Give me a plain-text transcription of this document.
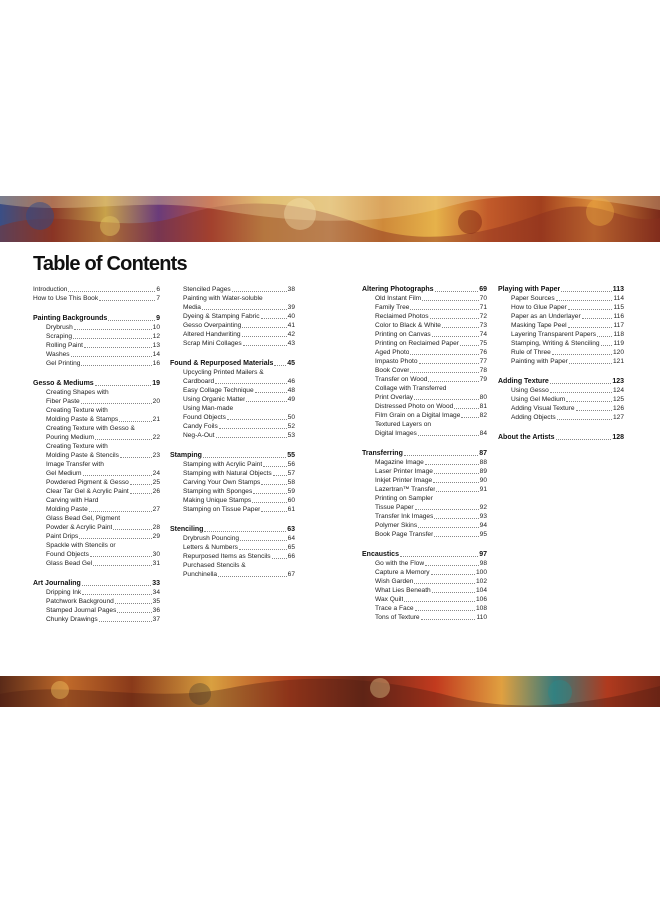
Table of Contents
Introduction	6
How to Use This Book	7
Painting Backgrounds	9
Drybrush	10
Scraping	12
Rolling Paint	13
Washes	14
Gel Printing	16
Gesso & Mediums	19
Creating Shapes with
Fiber Paste	20
Creating Texture with
Molding Paste & Stamps	21
Creating Texture with Gesso &
Pouring Medium	22
Creating Texture with
Molding Paste & Stencils	23
Image Transfer with
Gel Medium	24
Powdered Pigment & Gesso	25
Clear Tar Gel & Acrylic Paint	26
Carving with Hard
Molding Paste	27
Glass Bead Gel, Pigment
Powder & Acrylic Paint	28
Paint Drips	29
Spackle with Stencils or
Found Objects	30
Glass Bead Gel	31
Art Journaling	33
Dripping Ink	34
Patchwork Background	35
Stamped Journal Pages	36
Chunky Drawings	37
Stenciled Pages	38
Painting with Water-soluble
Media	39
Dyeing & Stamping Fabric	40
Gesso Overpainting	41
Altered Handwriting	42
Scrap Mini Collages	43
Found & Repurposed Materials 45
Upcycling Printed Mailers &
Cardboard	46
Easy Collage Technique	48
Using Organic Matter	49
Using Man-made
Found Objects	50
Candy Foils	52
Neg-A-Out	53
Stamping	55
Stamping with Acrylic Paint	56
Stamping with Natural Objects 57
Carving Your Own Stamps	58
Stamping with Sponges	59
Making Unique Stamps	60
Stamping on Tissue Paper	61
Stenciling	63
Drybrush Pouncing	64
Letters & Numbers	65
Repurposed Items as Stencils	66
Purchased Stencils &
Punchinella	67
Altering Photographs	69
Old Instant Film	70
Family Tree	71
Reclaimed Photos	72
Color to Black & White	73
Printing on Canvas	74
Printing on Reclaimed Paper	75
Aged Photo	76
Impasto Photo	77
Book Cover	78
Transfer on Wood	79
Collage with Transferred
Print Overlay	80
Distressed Photo on Wood	81
Film Grain on a Digital Image	82
Textured Layers on
Digital Images	84
Transferring	87
Magazine Image	88
Laser Printer Image	89
Inkjet Printer Image	90
Lazertran™ Transfer	91
Printing on Sampler
Tissue Paper	92
Transfer Ink Images	93
Polymer Skins	94
Book Page Transfer	95
Encaustics	97
Go with the Flow	98
Capture a Memory	100
Wish Garden	102
What Lies Beneath	104
Wax Quilt	106
Trace a Face	108
Tons of Texture	110
Playing with Paper	113
Paper Sources	114
How to Glue Paper	115
Paper as an Underlayer	116
Masking Tape Peel	117
Layering Transparent Papers	118
Stamping, Writing & Stenciling 119
Rule of Three	120
Painting with Paper	121
Adding Texture	123
Using Gesso	124
Using Gel Medium	125
Adding Visual Texture	126
Adding Objects	127
About the Artists	128
